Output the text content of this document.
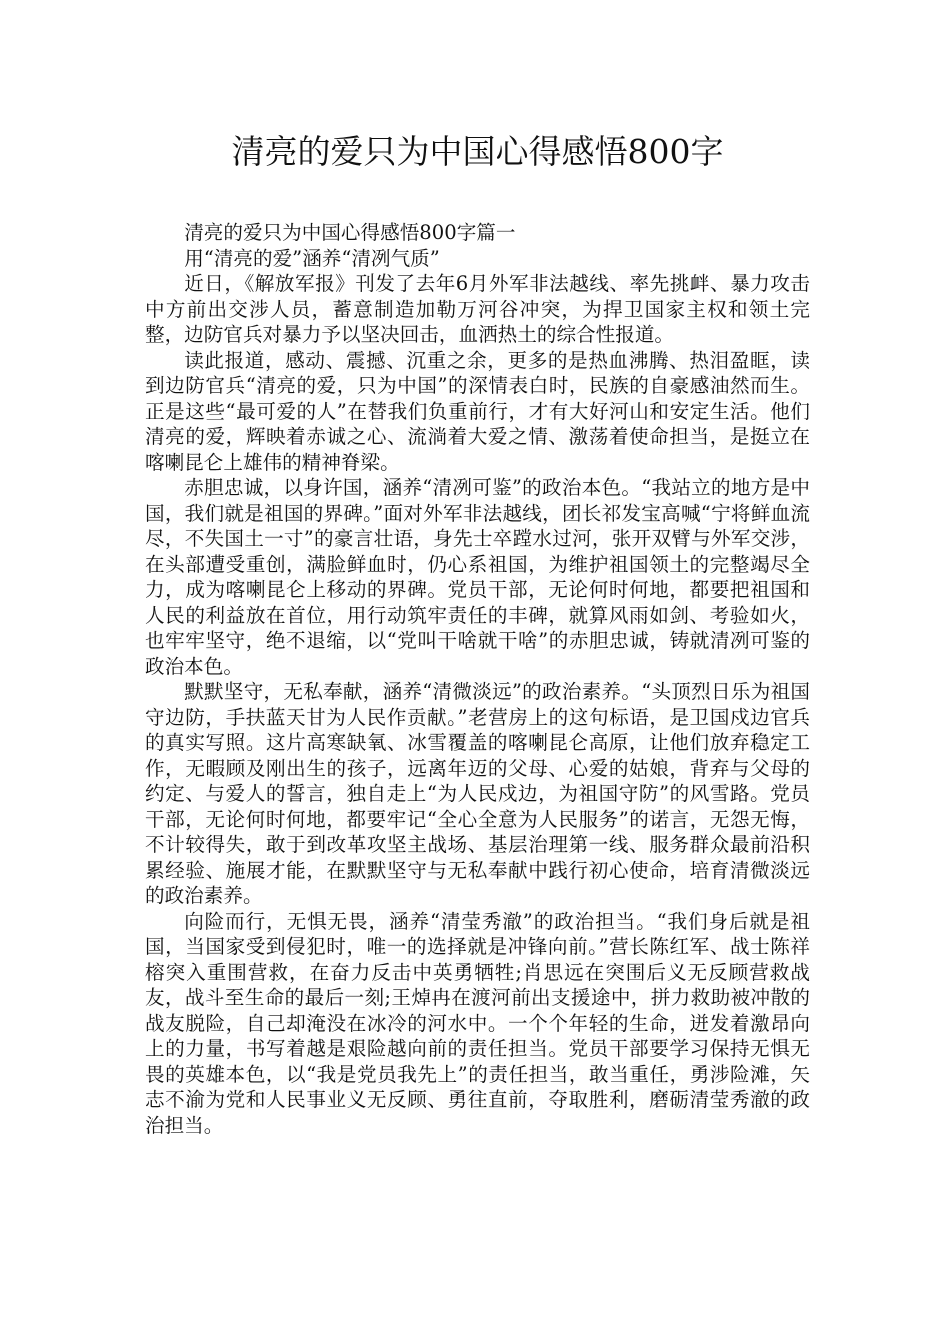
清亮的爱只为中国心得感悟800字

清亮的爱只为中国心得感悟800字篇一

用“清亮的爱”涵养“清冽气质”

近日，《解放军报》刊发了去年6月外军非法越线、率先挑衅、暴力攻击中方前出交涉人员，蓄意制造加勒万河谷冲突，为捍卫国家主权和领土完整，边防官兵对暴力予以坚决回击，血洒热土的综合性报道。

读此报道，感动、震撼、沉重之余，更多的是热血沸腾、热泪盈眶，读到边防官兵“清亮的爱，只为中国”的深情表白时，民族的自豪感油然而生。正是这些“最可爱的人”在替我们负重前行，才有大好河山和安定生活。他们清亮的爱，辉映着赤诚之心、流淌着大爱之情、激荡着使命担当，是挺立在喀喇昆仑上雄伟的精神脊梁。

赤胆忠诚，以身许国，涵养“清冽可鉴”的政治本色。“我站立的地方是中国，我们就是祖国的界碑。”面对外军非法越线，团长祁发宝高喊“宁将鲜血流尽，不失国土一寸”的豪言壮语，身先士卒蹚水过河，张开双臂与外军交涉，在头部遭受重创，满脸鲜血时，仍心系祖国，为维护祖国领土的完整竭尽全力，成为喀喇昆仑上移动的界碑。党员干部，无论何时何地，都要把祖国和人民的利益放在首位，用行动筑牢责任的丰碑，就算风雨如剑、考验如火，也牢牢坚守，绝不退缩，以“党叫干啥就干啥”的赤胆忠诚，铸就清冽可鉴的政治本色。

默默坚守，无私奉献，涵养“清微淡远”的政治素养。“头顶烈日乐为祖国守边防，手扶蓝天甘为人民作贡献。”老营房上的这句标语，是卫国戍边官兵的真实写照。这片高寒缺氧、冰雪覆盖的喀喇昆仑高原，让他们放弃稳定工作，无暇顾及刚出生的孩子，远离年迈的父母、心爱的姑娘，背弃与父母的约定、与爱人的誓言，独自走上“为人民戍边，为祖国守防”的风雪路。党员干部，无论何时何地，都要牢记“全心全意为人民服务”的诺言，无怨无悔，不计较得失，敢于到改革攻坚主战场、基层治理第一线、服务群众最前沿积累经验、施展才能，在默默坚守与无私奉献中践行初心使命，培育清微淡远的政治素养。

向险而行，无惧无畏，涵养“清莹秀澈”的政治担当。“我们身后就是祖国，当国家受到侵犯时，唯一的选择就是冲锋向前。”营长陈红军、战士陈祥榕突入重围营救，在奋力反击中英勇牺牲;肖思远在突围后义无反顾营救战友，战斗至生命的最后一刻;王焯冉在渡河前出支援途中，拼力救助被冲散的战友脱险，自己却淹没在冰冷的河水中。一个个年轻的生命，迸发着激昂向上的力量，书写着越是艰险越向前的责任担当。党员干部要学习保持无惧无畏的英雄本色，以“我是党员我先上”的责任担当，敢当重任，勇涉险滩，矢志不渝为党和人民事业义无反顾、勇往直前，夺取胜利，磨砺清莹秀澈的政治担当。
